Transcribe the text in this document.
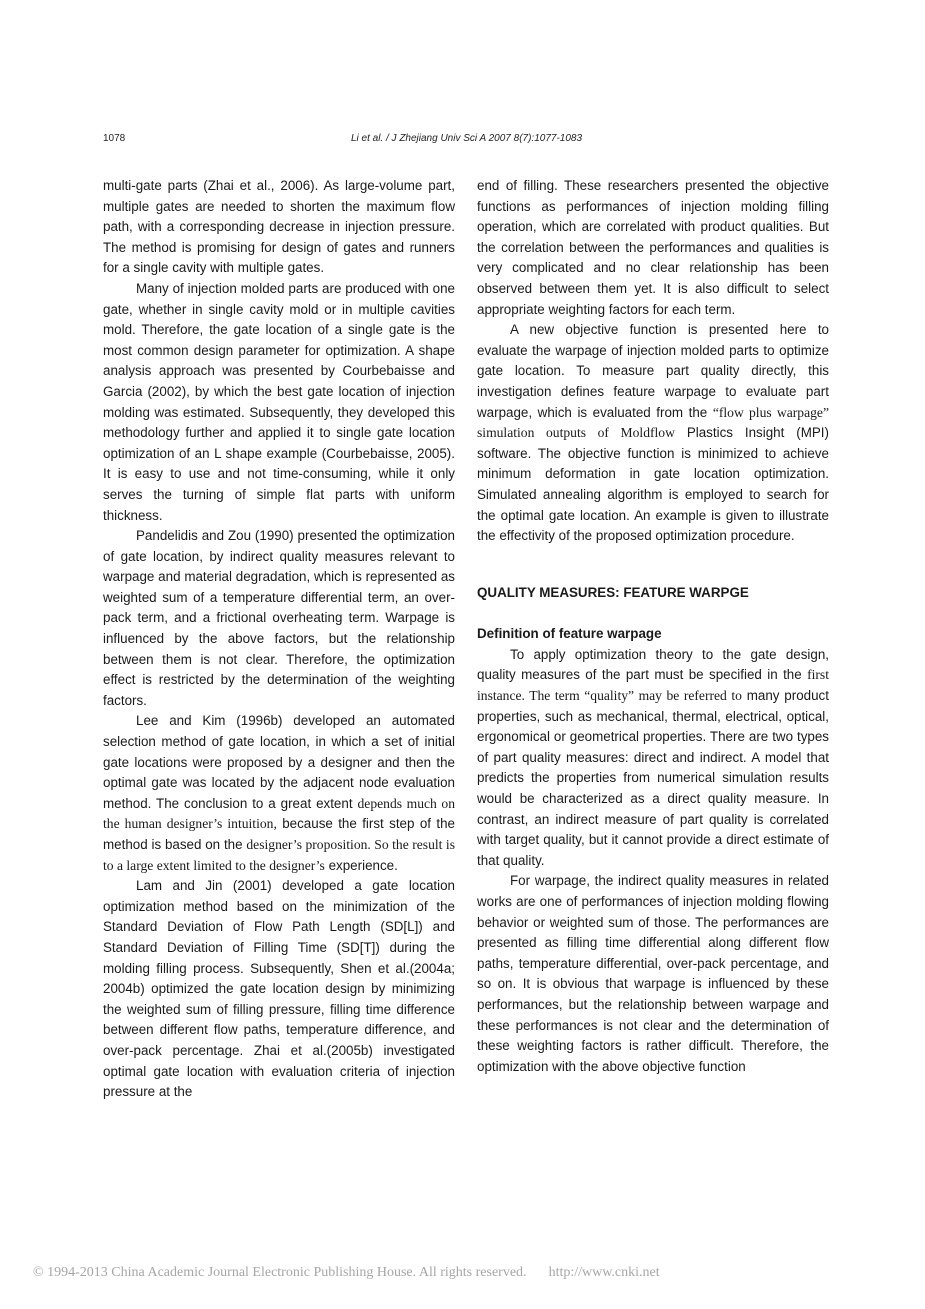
1078	Li et al. / J Zhejiang Univ Sci A 2007 8(7):1077-1083

multi-gate parts (Zhai et al., 2006). As large-volume part, multiple gates are needed to shorten the maximum flow path, with a corresponding decrease in injection pressure. The method is promising for design of gates and runners for a single cavity with multiple gates.

Many of injection molded parts are produced with one gate, whether in single cavity mold or in multiple cavities mold. Therefore, the gate location of a single gate is the most common design parameter for optimization. A shape analysis approach was presented by Courbebaisse and Garcia (2002), by which the best gate location of injection molding was estimated. Subsequently, they developed this methodology further and applied it to single gate location optimization of an L shape example (Courbebaisse, 2005). It is easy to use and not time-consuming, while it only serves the turning of simple flat parts with uniform thickness.

Pandelidis and Zou (1990) presented the optimization of gate location, by indirect quality measures relevant to warpage and material degradation, which is represented as weighted sum of a temperature differential term, an over-pack term, and a frictional overheating term. Warpage is influenced by the above factors, but the relationship between them is not clear. Therefore, the optimization effect is restricted by the determination of the weighting factors.

Lee and Kim (1996b) developed an automated selection method of gate location, in which a set of initial gate locations were proposed by a designer and then the optimal gate was located by the adjacent node evaluation method. The conclusion to a great extent depends much on the human designer’s intuition, because the first step of the method is based on the designer’s proposition. So the result is to a large extent limited to the designer’s experience.

Lam and Jin (2001) developed a gate location optimization method based on the minimization of the Standard Deviation of Flow Path Length (SD[L]) and Standard Deviation of Filling Time (SD[T]) during the molding filling process. Subsequently, Shen et al.(2004a; 2004b) optimized the gate location design by minimizing the weighted sum of filling pressure, filling time difference between different flow paths, temperature difference, and over-pack percentage. Zhai et al.(2005b) investigated optimal gate location with evaluation criteria of injection pressure at the

end of filling. These researchers presented the objective functions as performances of injection molding filling operation, which are correlated with product qualities. But the correlation between the performances and qualities is very complicated and no clear relationship has been observed between them yet. It is also difficult to select appropriate weighting factors for each term.

A new objective function is presented here to evaluate the warpage of injection molded parts to optimize gate location. To measure part quality directly, this investigation defines feature warpage to evaluate part warpage, which is evaluated from the “flow plus warpage” simulation outputs of Moldflow Plastics Insight (MPI) software. The objective function is minimized to achieve minimum deformation in gate location optimization. Simulated annealing algorithm is employed to search for the optimal gate location. An example is given to illustrate the effectivity of the proposed optimization procedure.

QUALITY MEASURES: FEATURE WARPGE
Definition of feature warpage

To apply optimization theory to the gate design, quality measures of the part must be specified in the first instance. The term “quality” may be referred to many product properties, such as mechanical, thermal, electrical, optical, ergonomical or geometrical properties. There are two types of part quality measures: direct and indirect. A model that predicts the properties from numerical simulation results would be characterized as a direct quality measure. In contrast, an indirect measure of part quality is correlated with target quality, but it cannot provide a direct estimate of that quality.

For warpage, the indirect quality measures in related works are one of performances of injection molding flowing behavior or weighted sum of those. The performances are presented as filling time differential along different flow paths, temperature differential, over-pack percentage, and so on. It is obvious that warpage is influenced by these performances, but the relationship between warpage and these performances is not clear and the determination of these weighting factors is rather difficult. Therefore, the optimization with the above objective function

© 1994-2013 China Academic Journal Electronic Publishing House. All rights reserved. http://www.cnki.net
